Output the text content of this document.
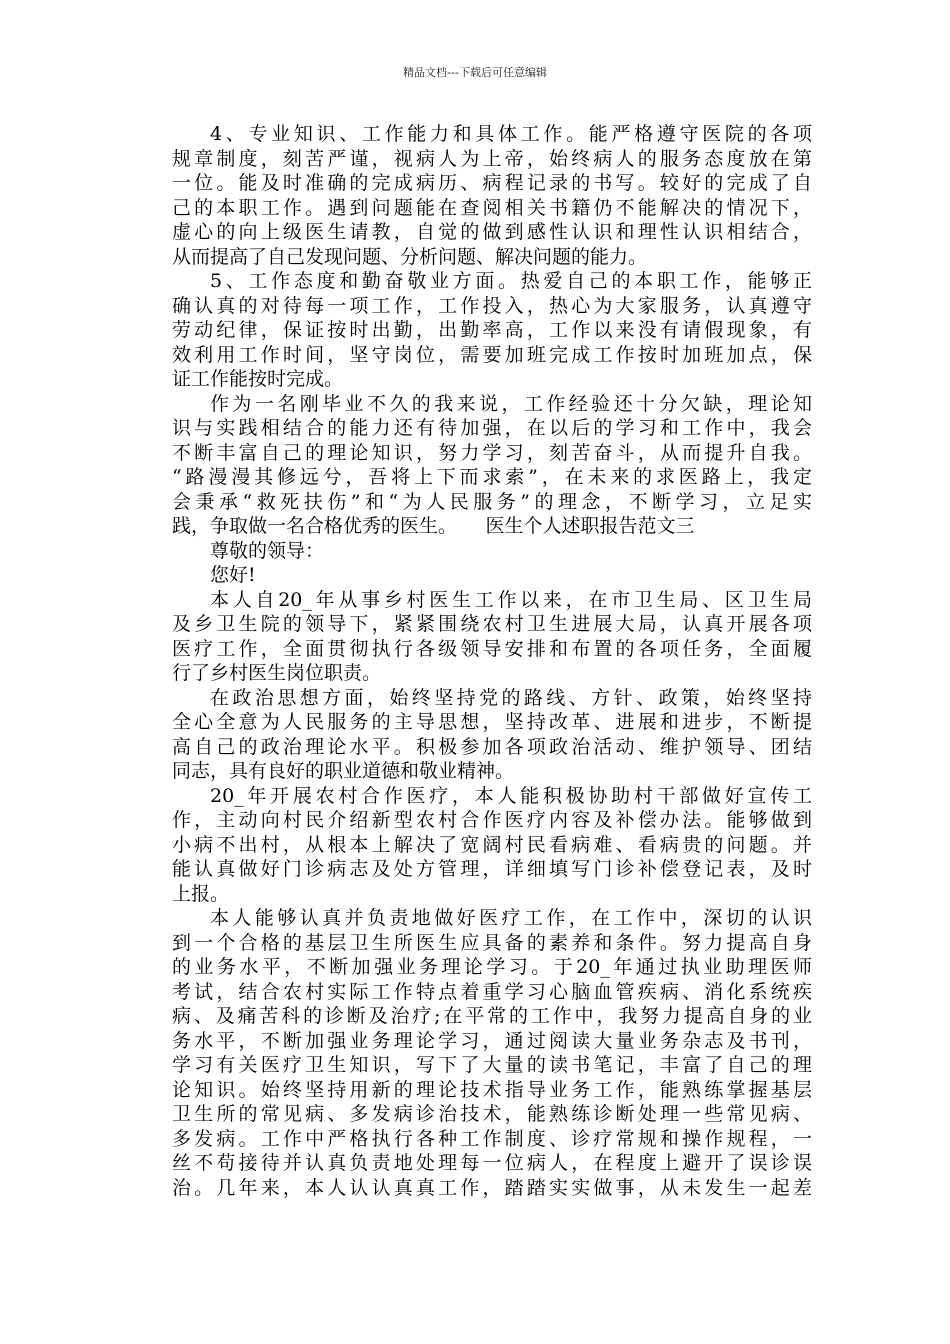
精品文档---下载后可任意编辑
4、专业知识、工作能力和具体工作。能严格遵守医院的各项
规章制度，刻苦严谨，视病人为上帝，始终病人的服务态度放在第
一位。能及时准确的完成病历、病程记录的书写。较好的完成了自
己的本职工作。遇到问题能在查阅相关书籍仍不能解决的情况下，
虚心的向上级医生请教，自觉的做到感性认识和理性认识相结合，
从而提高了自己发现问题、分析问题、解决问题的能力。
5、工作态度和勤奋敬业方面。热爱自己的本职工作，能够正
确认真的对待每一项工作，工作投入，热心为大家服务，认真遵守
劳动纪律，保证按时出勤，出勤率高，工作以来没有请假现象，有
效利用工作时间，坚守岗位，需要加班完成工作按时加班加点，保
证工作能按时完成。
作为一名刚毕业不久的我来说，工作经验还十分欠缺，理论知
识与实践相结合的能力还有待加强，在以后的学习和工作中，我会
不断丰富自己的理论知识，努力学习，刻苦奋斗，从而提升自我。
“路漫漫其修远兮，吾将上下而求索”，在未来的求医路上，我定
会秉承“救死扶伤”和“为人民服务”的理念，不断学习，立足实
践，争取做一名合格优秀的医生。　　医生个人述职报告范文三
尊敬的领导：
您好!
本人自20_年从事乡村医生工作以来，在市卫生局、区卫生局
及乡卫生院的领导下，紧紧围绕农村卫生进展大局，认真开展各项
医疗工作，全面贯彻执行各级领导安排和布置的各项任务，全面履
行了乡村医生岗位职责。
在政治思想方面，始终坚持党的路线、方针、政策，始终坚持
全心全意为人民服务的主导思想，坚持改革、进展和进步，不断提
高自己的政治理论水平。积极参加各项政治活动、维护领导、团结
同志，具有良好的职业道德和敬业精神。
20_年开展农村合作医疗，本人能积极协助村干部做好宣传工
作，主动向村民介绍新型农村合作医疗内容及补偿办法。能够做到
小病不出村，从根本上解决了宽阔村民看病难、看病贵的问题。并
能认真做好门诊病志及处方管理，详细填写门诊补偿登记表，及时
上报。
本人能够认真并负责地做好医疗工作，在工作中，深切的认识
到一个合格的基层卫生所医生应具备的素养和条件。努力提高自身
的业务水平，不断加强业务理论学习。于20_年通过执业助理医师
考试，结合农村实际工作特点着重学习心脑血管疾病、消化系统疾
病、及痛苦科的诊断及治疗;在平常的工作中，我努力提高自身的业
务水平，不断加强业务理论学习，通过阅读大量业务杂志及书刊，
学习有关医疗卫生知识，写下了大量的读书笔记，丰富了自己的理
论知识。始终坚持用新的理论技术指导业务工作，能熟练掌握基层
卫生所的常见病、多发病诊治技术，能熟练诊断处理一些常见病、
多发病。工作中严格执行各种工作制度、诊疗常规和操作规程，一
丝不苟接待并认真负责地处理每一位病人，在程度上避开了误诊误
治。几年来，本人认认真真工作，踏踏实实做事，从未发生一起差
